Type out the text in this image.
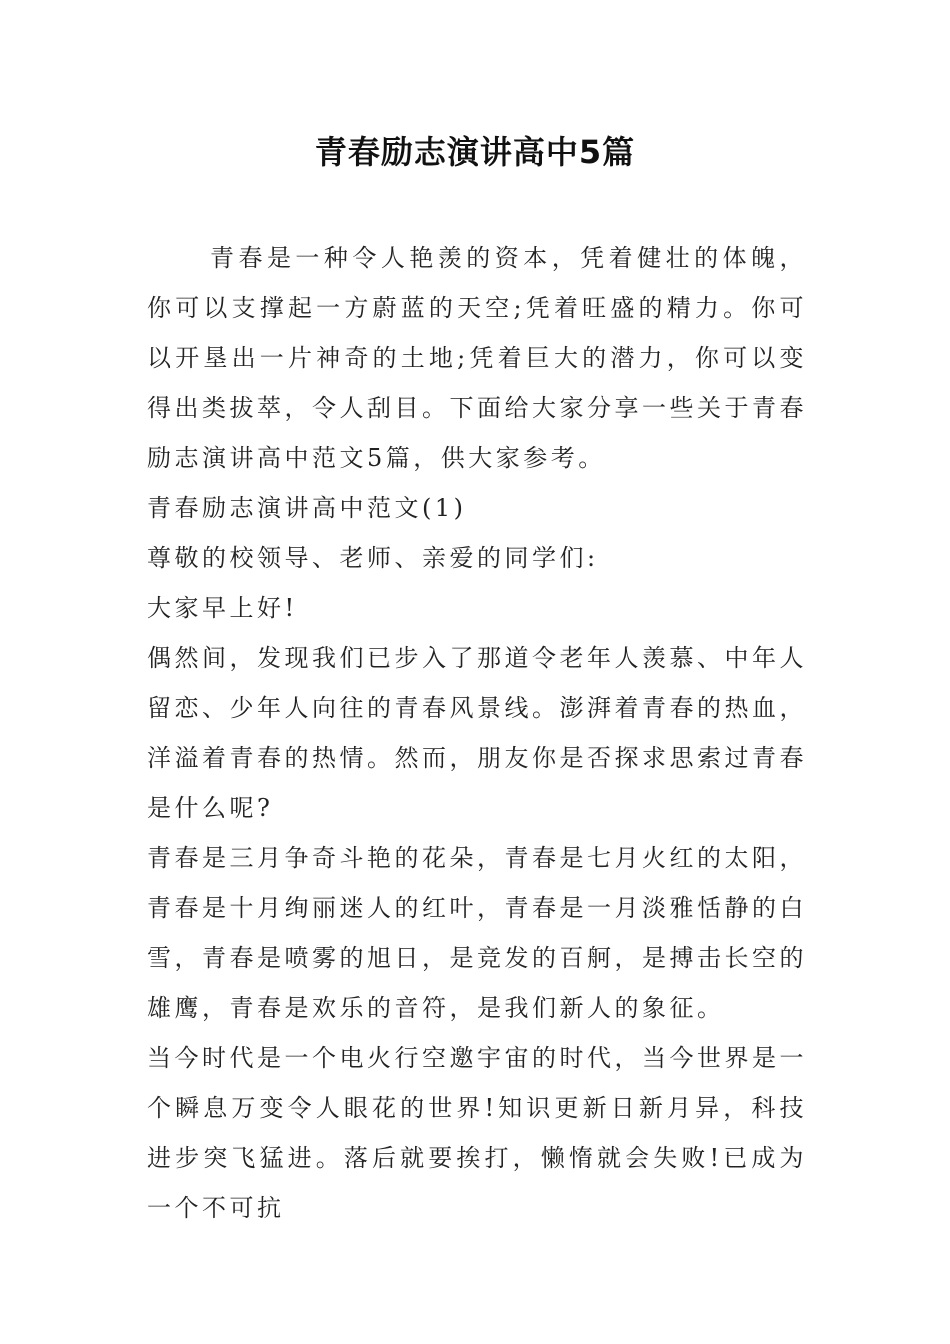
青春励志演讲高中5篇

青春是一种令人艳羡的资本，凭着健壮的体魄，你可以支撑起一方蔚蓝的天空;凭着旺盛的精力。你可以开垦出一片神奇的土地;凭着巨大的潜力，你可以变得出类拔萃，令人刮目。下面给大家分享一些关于青春励志演讲高中范文5篇，供大家参考。

青春励志演讲高中范文(1)

尊敬的校领导、老师、亲爱的同学们:

大家早上好!

偶然间，发现我们已步入了那道令老年人羡慕、中年人留恋、少年人向往的青春风景线。澎湃着青春的热血，洋溢着青春的热情。然而，朋友你是否探求思索过青春是什么呢?

青春是三月争奇斗艳的花朵，青春是七月火红的太阳，青春是十月绚丽迷人的红叶，青春是一月淡雅恬静的白雪，青春是喷雾的旭日，是竞发的百舸，是搏击长空的雄鹰，青春是欢乐的音符，是我们新人的象征。

当今时代是一个电火行空邀宇宙的时代，当今世界是一个瞬息万变令人眼花的世界!知识更新日新月异，科技进步突飞猛进。落后就要挨打，懒惰就会失败!已成为一个不可抗
